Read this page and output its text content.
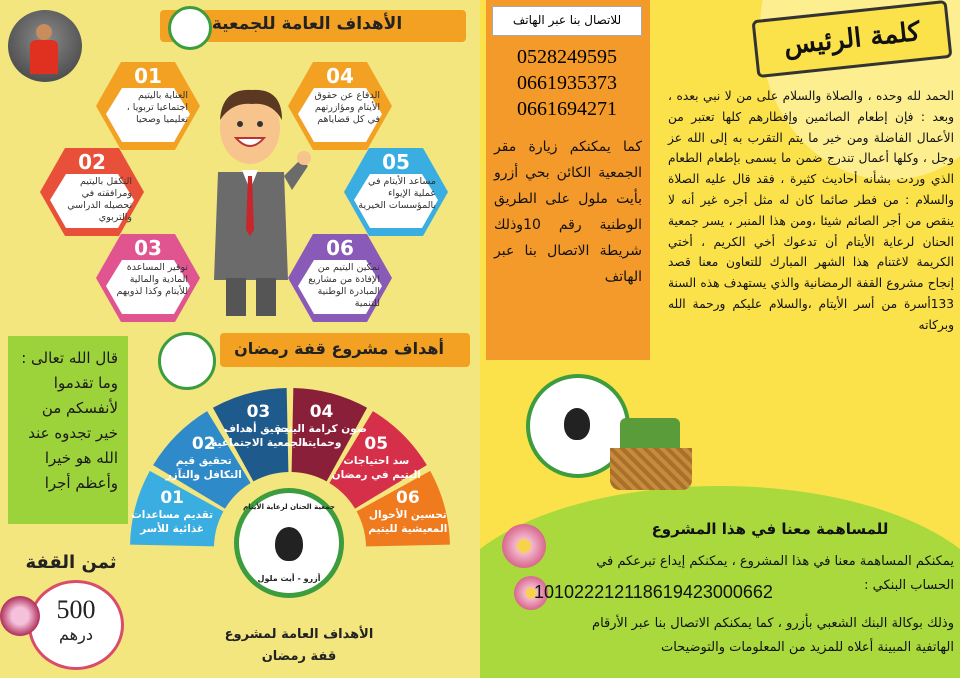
الأهداف العامة للجمعية
01
العناية باليتيم اجتماعيا تربويا ، تعليميا وصحيا
02
التكفل باليتيم ومرافقته في تحصيله الدراسي والتربوي
03
توفير المساعدة المادية والمالية للأيتام وكذا لذويهم
04
الدفاع عن حقوق الأيتام ومؤازرتهم في كل قضاياهم
05
مساعد الأيتام في عملية الإيواء بالمؤسسات الخيرية
06
تمكين اليتيم من الإفادة من مشاريع المبادرة الوطنية للتنمية
أهداف مشروع قفة رمضان
قال الله تعالى : وما تقدموا لأنفسكم من خير تجدوه عند الله هو خيرا وأعظم أجرا
ثمن القفة
500
درهم
01
تقديم مساعدات غذائية للأسر
02
تحقيق قيم التكافل والتآزر
03
تحقيق أهداف الجمعية الاجتماعية
04
صون كرامة اليتيم وحمايته	05
سد احتياجات اليتيم في رمضان
06
تحسين الأحوال المعيشية لليتيم
جمعية الحنان لرعاية الأيتام
أزرو - أيت ملول
الأهداف العامة لمشروع قفة رمضان
للاتصال بنا عبر الهاتف
0528249595
0661935373
0661694271
كما يمكنكم زيارة مقر الجمعية الكائن بحي أزرو بأيت ملول على الطريق الوطنية رقم 10وذلك شريطة الاتصال بنا عبر الهاتف
كلمة الرئيس
الحمد لله وحده ، والصلاة والسلام على من لا نبي بعده ، وبعد : فإن إطعام الصائمين وإفطارهم كلها تعتبر من الأعمال الفاضلة ومن خير ما يتم التقرب به إلى الله عز وجل ، وكلها أعمال تندرج ضمن ما يسمى بإطعام الطعام الذي وردت بشأنه أحاديث كثيرة ، فقد قال عليه الصلاة والسلام : من فطر صائما كان له مثل أجره غير أنه لا ينقص من أجر الصائم شيئا ،ومن هذا المنبر ، يسر جمعية الحنان لرعاية الأيتام أن تدعوك أخي الكريم ، أختي الكريمة لاغتنام هذا الشهر المبارك للتعاون معنا قصد إنجاح مشروع القفة الرمضانية والذي يستهدف هذه السنة 133أسرة من أسر الأيتام ،والسلام عليكم ورحمة الله وبركاته
للمساهمة معنا في هذا المشروع
يمكنكم المساهمة معنا في هذا المشروع ، يمكنكم إيداع تبرعكم في الحساب البنكي :
101022212118619423000662
وذلك بوكالة البنك الشعبي بأزرو ، كما يمكنكم الاتصال بنا عبر الأرقام الهاتفية المبينة أعلاه للمزيد من المعلومات والتوضيحات
